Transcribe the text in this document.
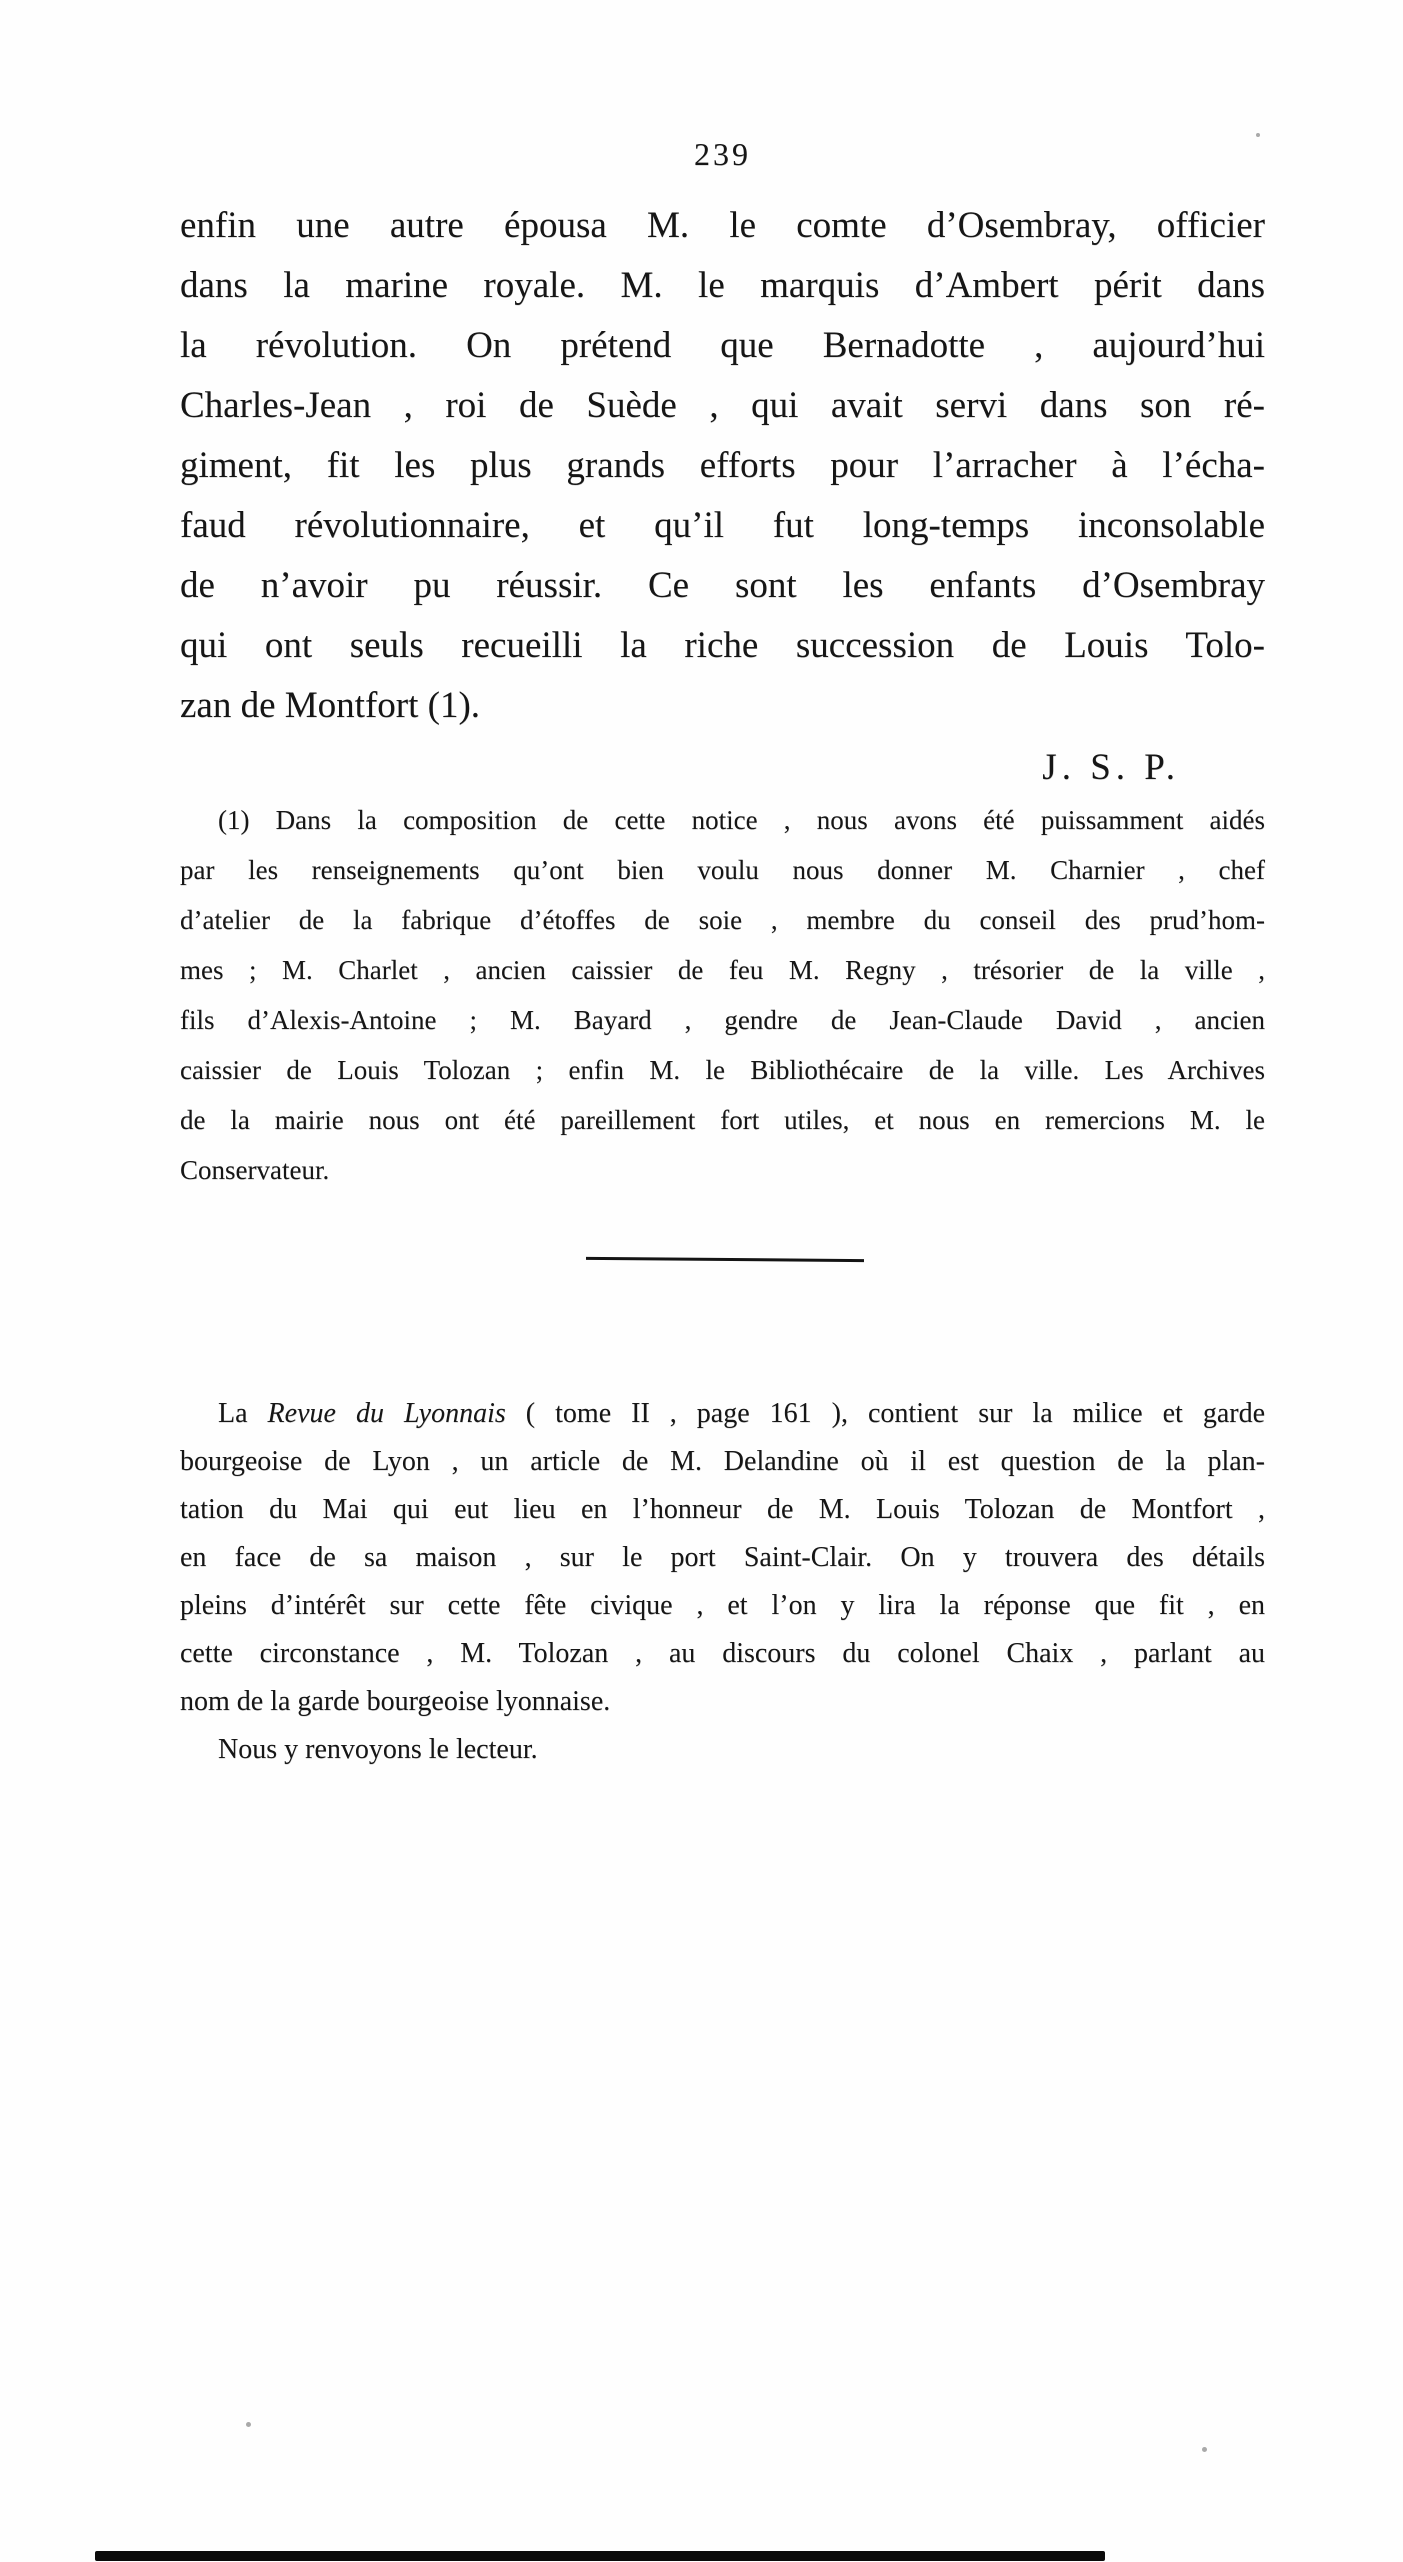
239
enfin une autre épousa M. le comte d’Osembray, officier
dans la marine royale. M. le marquis d’Ambert périt dans
la révolution. On prétend que Bernadotte , aujourd’hui
Charles-Jean , roi de Suède , qui avait servi dans son ré-
giment, fit les plus grands efforts pour l’arracher à l’écha-
faud révolutionnaire, et qu’il fut long-temps inconsolable
de n’avoir pu réussir. Ce sont les enfants d’Osembray
qui ont seuls recueilli la riche succession de Louis Tolo-
zan de Montfort (1).
J. S. P.
(1) Dans la composition de cette notice , nous avons été puissamment aidés
par les renseignements qu’ont bien voulu nous donner M. Charnier , chef
d’atelier de la fabrique d’étoffes de soie , membre du conseil des prud’hom-
mes ; M. Charlet , ancien caissier de feu M. Regny , trésorier de la ville ,
fils d’Alexis-Antoine ; M. Bayard , gendre de Jean-Claude David , ancien
caissier de Louis Tolozan ; enfin M. le Bibliothécaire de la ville. Les Archives
de la mairie nous ont été pareillement fort utiles, et nous en remercions M. le
Conservateur.
La Revue du Lyonnais ( tome II , page 161 ), contient sur la milice et garde
bourgeoise de Lyon , un article de M. Delandine où il est question de la plan-
tation du Mai qui eut lieu en l’honneur de M. Louis Tolozan de Montfort ,
en face de sa maison , sur le port Saint-Clair. On y trouvera des détails
pleins d’intérêt sur cette fête civique , et l’on y lira la réponse que fit , en
cette circonstance , M. Tolozan , au discours du colonel Chaix , parlant au
nom de la garde bourgeoise lyonnaise.
Nous y renvoyons le lecteur.
